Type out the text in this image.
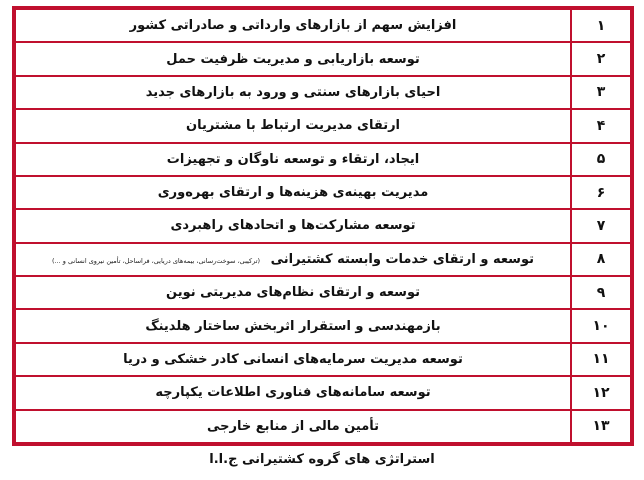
۱	افزایش سهم از بازارهای وارداتی و صادراتی کشور
۲	توسعه بازاریابی و مدیریت ظرفیت حمل
۳	احیای بازارهای سنتی و ورود به بازارهای جدید
۴	ارتقای مدیریت ارتباط با مشتریان
۵	ایجاد، ارتقاء و توسعه ناوگان و تجهیزات
۶	مدیریت بهینه‌ی هزینه‌ها و ارتقای بهره‌وری
۷	توسعه مشارکت‌ها و اتحادهای راهبردی
۸	توسعه و ارتقای خدمات وابسته کشتیرانی (ترکیبی، سوخت‌رسانی، بیمه‌های دریایی، فراساحل، تأمین نیروی انسانی و ...)
۹	توسعه و ارتقای نظام‌های مدیریتی نوین
۱۰	بازمهندسی و استقرار اثربخش ساختار هلدینگ
۱۱	توسعه مدیریت سرمایه‌های انسانی کادر خشکی و دریا
۱۲	توسعه سامانه‌های فناوری اطلاعات یکپارچه
۱۳	تأمین مالی از منابع خارجی
استراتژی های گروه کشتیرانی ج.ا.ا
